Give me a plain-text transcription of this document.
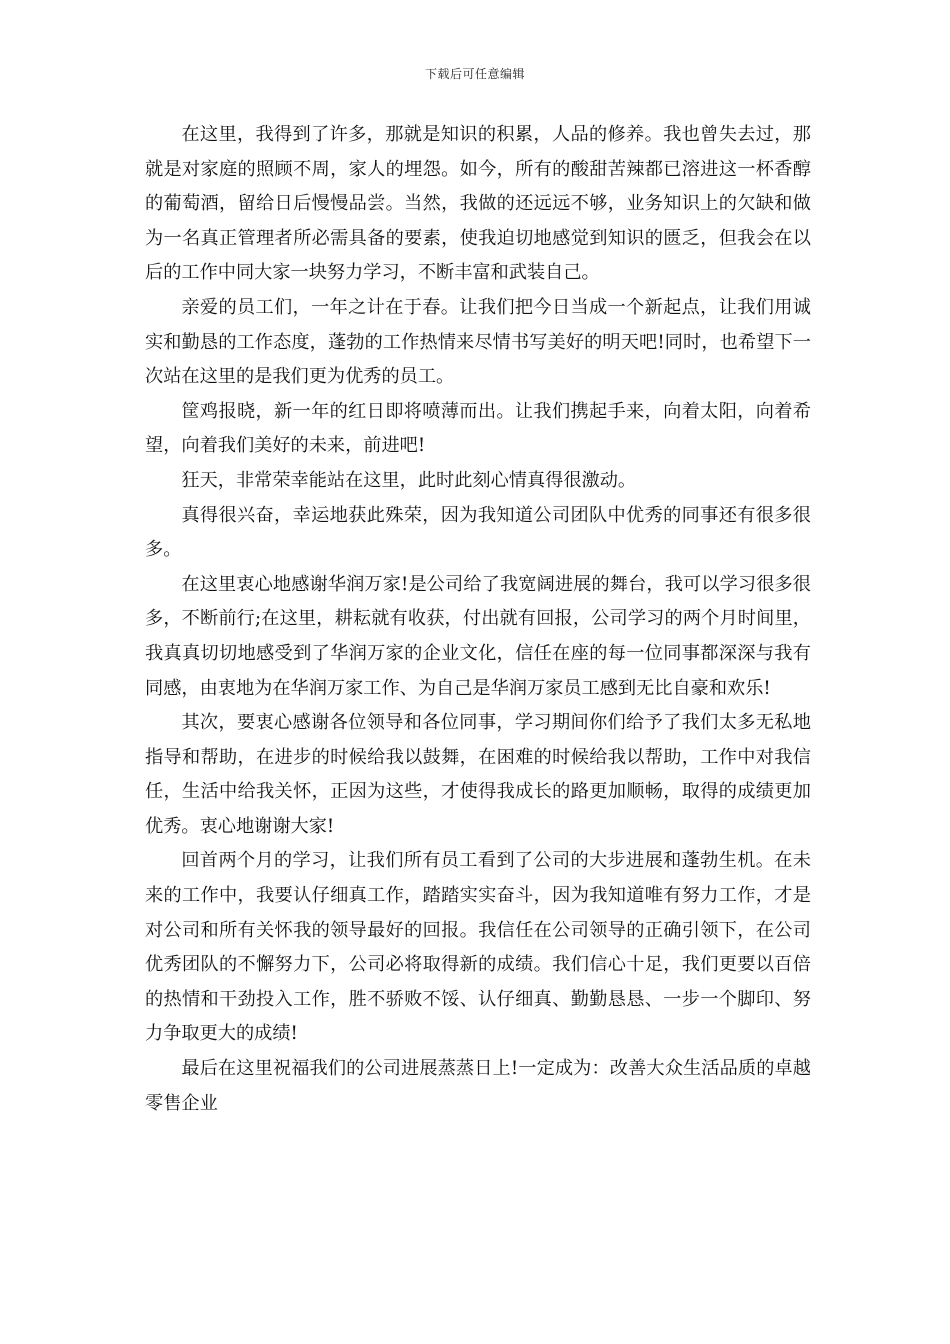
下载后可任意编辑

在这里，我得到了许多，那就是知识的积累，人品的修养。我也曾失去过，那就是对家庭的照顾不周，家人的埋怨。如今，所有的酸甜苦辣都已溶进这一杯香醇的葡萄酒，留给日后慢慢品尝。当然，我做的还远远不够，业务知识上的欠缺和做为一名真正管理者所必需具备的要素，使我迫切地感觉到知识的匮乏，但我会在以后的工作中同大家一块努力学习，不断丰富和武装自己。

亲爱的员工们，一年之计在于春。让我们把今日当成一个新起点，让我们用诚实和勤恳的工作态度，蓬勃的工作热情来尽情书写美好的明天吧!同时，也希望下一次站在这里的是我们更为优秀的员工。

筐鸡报晓，新一年的红日即将喷薄而出。让我们携起手来，向着太阳，向着希望，向着我们美好的未来，前进吧!

狂天，非常荣幸能站在这里，此时此刻心情真得很激动。

真得很兴奋，幸运地获此殊荣，因为我知道公司团队中优秀的同事还有很多很多。

在这里衷心地感谢华润万家!是公司给了我宽阔进展的舞台，我可以学习很多很多，不断前行;在这里，耕耘就有收获，付出就有回报，公司学习的两个月时间里，我真真切切地感受到了华润万家的企业文化，信任在座的每一位同事都深深与我有同感，由衷地为在华润万家工作、为自己是华润万家员工感到无比自豪和欢乐!

其次，要衷心感谢各位领导和各位同事，学习期间你们给予了我们太多无私地指导和帮助，在进步的时候给我以鼓舞，在困难的时候给我以帮助，工作中对我信任，生活中给我关怀，正因为这些，才使得我成长的路更加顺畅，取得的成绩更加优秀。衷心地谢谢大家!

回首两个月的学习，让我们所有员工看到了公司的大步进展和蓬勃生机。在未来的工作中，我要认仔细真工作，踏踏实实奋斗，因为我知道唯有努力工作，才是对公司和所有关怀我的领导最好的回报。我信任在公司领导的正确引领下，在公司优秀团队的不懈努力下，公司必将取得新的成绩。我们信心十足，我们更要以百倍的热情和干劲投入工作，胜不骄败不馁、认仔细真、勤勤恳恳、一步一个脚印、努力争取更大的成绩!

最后在这里祝福我们的公司进展蒸蒸日上!一定成为：改善大众生活品质的卓越零售企业
